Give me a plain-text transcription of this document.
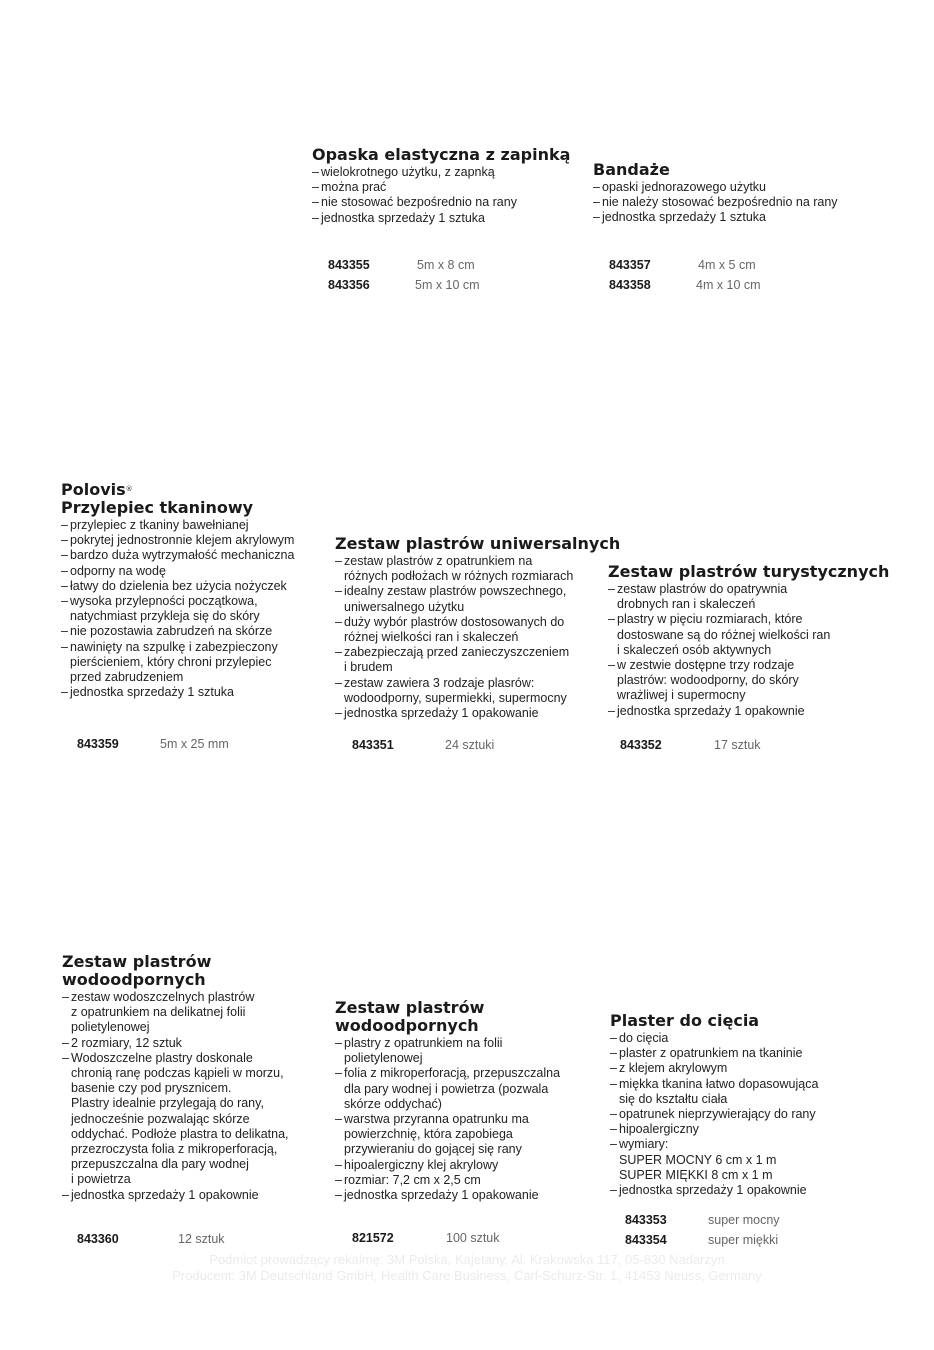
Opaska elastyczna z zapinką
– wielokrotnego użytku, z zapnką
– można prać
– nie stosować bezpośrednio na rany
– jednostka sprzedaży 1 sztuka
843355	5m x 8 cm
843356	5m x 10 cm
Bandaże
– opaski jednorazowego użytku
– nie należy stosować bezpośrednio na rany
– jednostka sprzedaży 1 sztuka
843357	4m x 5 cm
843358	4m x 10 cm
Polovis®
Przylepiec tkaninowy
– przylepiec z tkaniny bawełnianej
– pokrytej jednostronnie klejem akrylowym
– bardzo duża wytrzymałość mechaniczna
– odporny na wodę
– łatwy do dzielenia bez użycia nożyczek
– wysoka przylepności początkowa,
natychmiast przykleja się do skóry
– nie pozostawia zabrudzeń na skórze
– nawinięty na szpulkę i zabezpieczony
pierścieniem, który chroni przylepiec
przed zabrudzeniem
– jednostka sprzedaży 1 sztuka
843359	5m x 25 mm
Zestaw plastrów uniwersalnych
– zestaw plastrów z opatrunkiem na
różnych podłożach w różnych rozmiarach
– idealny zestaw plastrów powszechnego,
uniwersalnego użytku
– duży wybór plastrów dostosowanych do
różnej wielkości ran i skaleczeń
– zabezpieczają przed zanieczyszczeniem
i brudem
– zestaw zawiera 3 rodzaje plasrów:
wodoodporny, supermiekki, supermocny
– jednostka sprzedaży 1 opakowanie
843351	24 sztuki
Zestaw plastrów turystycznych
– zestaw plastrów do opatrywnia
drobnych ran i skaleczeń
– plastry w pięciu rozmiarach, które
dostoswane są do różnej wielkości ran
i skaleczeń osób aktywnych
– w zestwie dostępne trzy rodzaje
plastrów: wodoodporny, do skóry
wrażliwej i supermocny
– jednostka sprzedaży 1 opakownie
843352	17 sztuk
Zestaw plastrów
wodoodpornych
– zestaw wodoszczelnych plastrów
z opatrunkiem na delikatnej folii
polietylenowej
– 2 rozmiary, 12 sztuk
– Wodoszczelne plastry doskonale
chronią ranę podczas kąpieli w morzu,
basenie czy pod prysznicem.
Plastry idealnie przylegają do rany,
jednocześnie pozwalając skórze
oddychać. Podłoże plastra to delikatna,
przezroczysta folia z mikroperforacją,
przepuszczalna dla pary wodnej
i powietrza
– jednostka sprzedaży 1 opakownie
843360	12 sztuk
Zestaw plastrów
wodoodpornych
– plastry z opatrunkiem na folii
polietylenowej
– folia z mikroperforacją, przepuszczalna
dla pary wodnej i powietrza (pozwala
skórze oddychać)
– warstwa przyranna opatrunku ma
powierzchnię, która zapobiega
przywieraniu do gojącej się rany
– hipoalergiczny klej akrylowy
– rozmiar: 7,2 cm x 2,5 cm
– jednostka sprzedaży 1 opakowanie
821572	100 sztuk
Plaster do cięcia
– do cięcia
– plaster z opatrunkiem na tkaninie
– z klejem akrylowym
– miękka tkanina łatwo dopasowująca
się do kształtu ciała
– opatrunek nieprzywierający do rany
– hipoalergiczny
– wymiary:
SUPER MOCNY 6 cm x 1 m
SUPER MIĘKKI 8 cm x 1 m
– jednostka sprzedaży 1 opakownie
843353	super mocny
843354	super miękki
Podmiot prowadzący rekalmę: 3M Polska, Kajetany, Al. Krakowska 117, 05-830 Nadarzyn
Producent: 3M Deutschland GmbH, Health Care Business, Carl-Schurz-Str. 1, 41453 Neuss, Germany
